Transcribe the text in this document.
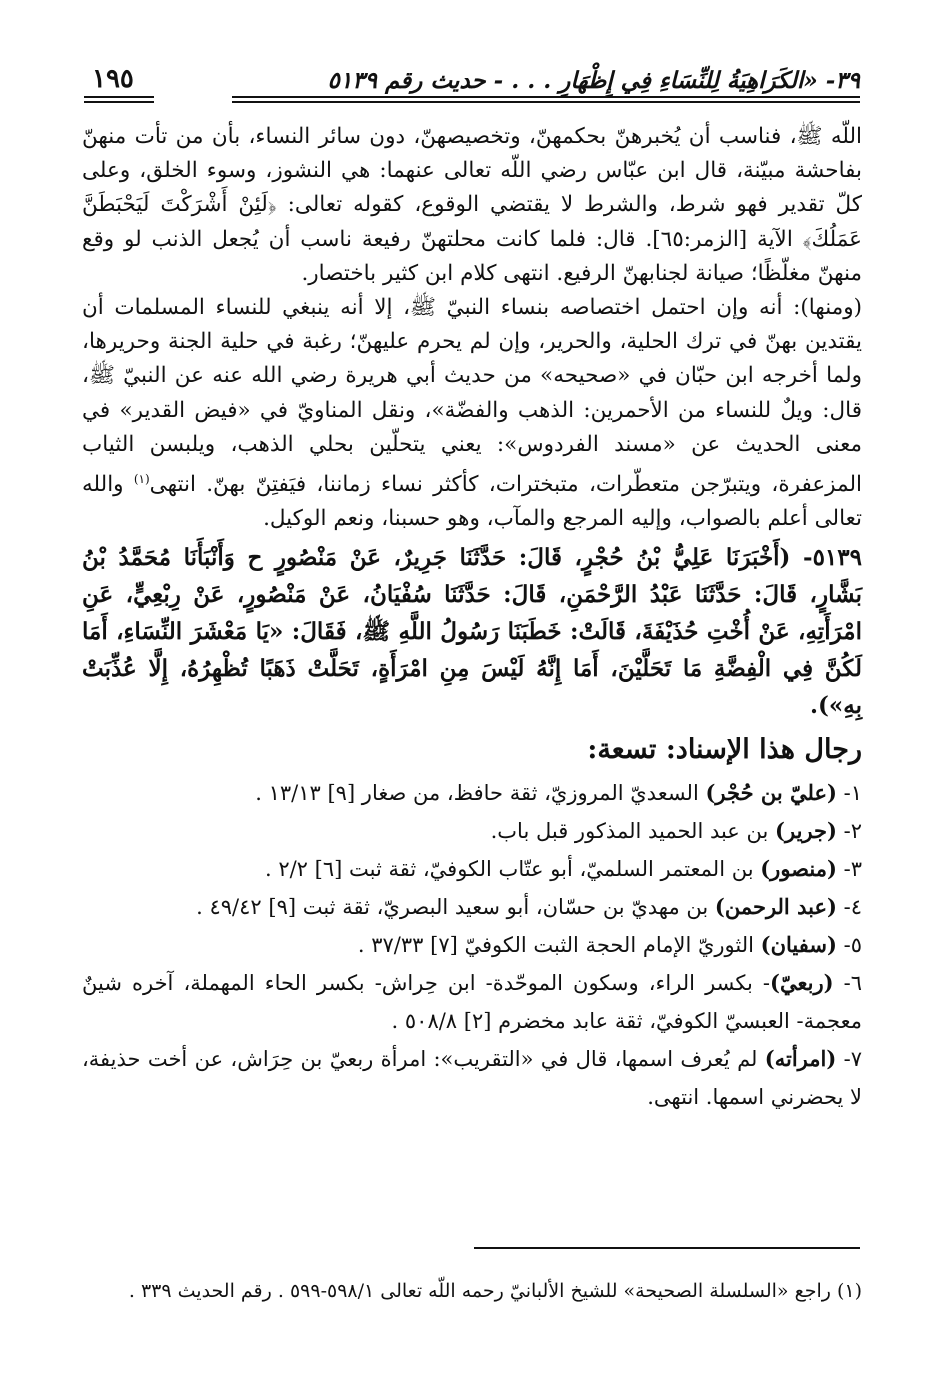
٣٩- «الكَرَاهِيَةُ لِلنِّسَاءِ فِي إِظْهَارِ . . . - حديث رقم ٥١٣٩
١٩٥

اللّه ﷺ، فناسب أن يُخبرهنّ بحكمهنّ، وتخصيصهنّ، دون سائر النساء، بأن من تأت منهنّ بفاحشة مبيّنة، قال ابن عبّاس رضي اللّه تعالى عنهما: هي النشوز، وسوء الخلق، وعلى كلّ تقدير فهو شرط، والشرط لا يقتضي الوقوع، كقوله تعالى: ﴿لَئِنْ أَشْرَكْتَ لَيَحْبَطَنَّ عَمَلُكَ﴾ الآية [الزمر:٦٥]. قال: فلما كانت محلتهنّ رفيعة ناسب أن يُجعل الذنب لو وقع منهنّ مغلّظًا؛ صيانة لجنابهنّ الرفيع. انتهى كلام ابن كثير باختصار.

(ومنها): أنه وإن احتمل اختصاصه بنساء النبيّ ﷺ، إلا أنه ينبغي للنساء المسلمات أن يقتدين بهنّ في ترك الحلية، والحرير، وإن لم يحرم عليهنّ؛ رغبة في حلية الجنة وحريرها، ولما أخرجه ابن حبّان في «صحيحه» من حديث أبي هريرة رضي الله عنه عن النبيّ ﷺ، قال: ويلٌ للنساء من الأحمرين: الذهب والفضّة»، ونقل المناويّ في «فيض القدير» في معنى الحديث عن «مسند الفردوس»: يعني يتحلّين بحلي الذهب، ويلبسن الثياب المزعفرة، ويتبرّجن متعطّرات، متبخترات، كأكثر نساء زماننا، فيَفتِنّ بهنّ. انتهى$^{(١)}$ والله تعالى أعلم بالصواب، وإليه المرجع والمآب، وهو حسبنا، ونعم الوكيل.

٥١٣٩- (أَخْبَرَنَا عَلِيُّ بْنُ حُجْرٍ، قَالَ: حَدَّثَنَا جَرِيرٌ، عَنْ مَنْصُورٍ ح وَأَنْبَأَنَا مُحَمَّدُ بْنُ بَشَّارٍ، قَالَ: حَدَّثَنَا عَبْدُ الرَّحْمَنِ، قَالَ: حَدَّثَنَا سُفْيَانُ، عَنْ مَنْصُورٍ، عَنْ رِبْعِيٍّ، عَنِ امْرَأَتِهِ، عَنْ أُخْتِ حُذَيْفَةَ، قَالَتْ: خَطَبَنَا رَسُولُ اللَّهِ ﷺ، فَقَالَ: «يَا مَعْشَرَ النِّسَاءِ، أَمَا لَكُنَّ فِي الْفِضَّةِ مَا تَحَلَّيْنَ، أَمَا إِنَّهُ لَيْسَ مِنِ امْرَأَةٍ، تَحَلَّتْ ذَهَبًا تُظْهِرُهُ، إِلَّا عُذِّبَتْ بِهِ»).

رجال هذا الإسناد: تسعة:

١- (عليّ بن حُجْر) السعديّ المروزيّ، ثقة حافظ، من صغار [٩] ١٣/١٣ .

٢- (جرير) بن عبد الحميد المذكور قبل باب.

٣- (منصور) بن المعتمر السلميّ، أبو عتّاب الكوفيّ، ثقة ثبت [٦] ٢/٢ .

٤- (عبد الرحمن) بن مهديّ بن حسّان، أبو سعيد البصريّ، ثقة ثبت [٩] ٤٩/٤٢ .

٥- (سفيان) الثوريّ الإمام الحجة الثبت الكوفيّ [٧] ٣٧/٣٣ .

٦- (ربعيّ)- بكسر الراء، وسكون الموحّدة- ابن حِراش- بكسر الحاء المهملة، آخره شينٌ معجمة- العبسيّ الكوفيّ، ثقة عابد مخضرم [٢] ٥٠٨/٨ .

٧- (امرأته) لم يُعرف اسمها، قال في «التقريب»: امرأة ربعيّ بن حِرَاش، عن أخت حذيفة، لا يحضرني اسمها. انتهى.

(١) راجع «السلسلة الصحيحة» للشيخ الألبانيّ رحمه اللّه تعالى ٥٩٨/١-٥٩٩ . رقم الحديث ٣٣٩ .
